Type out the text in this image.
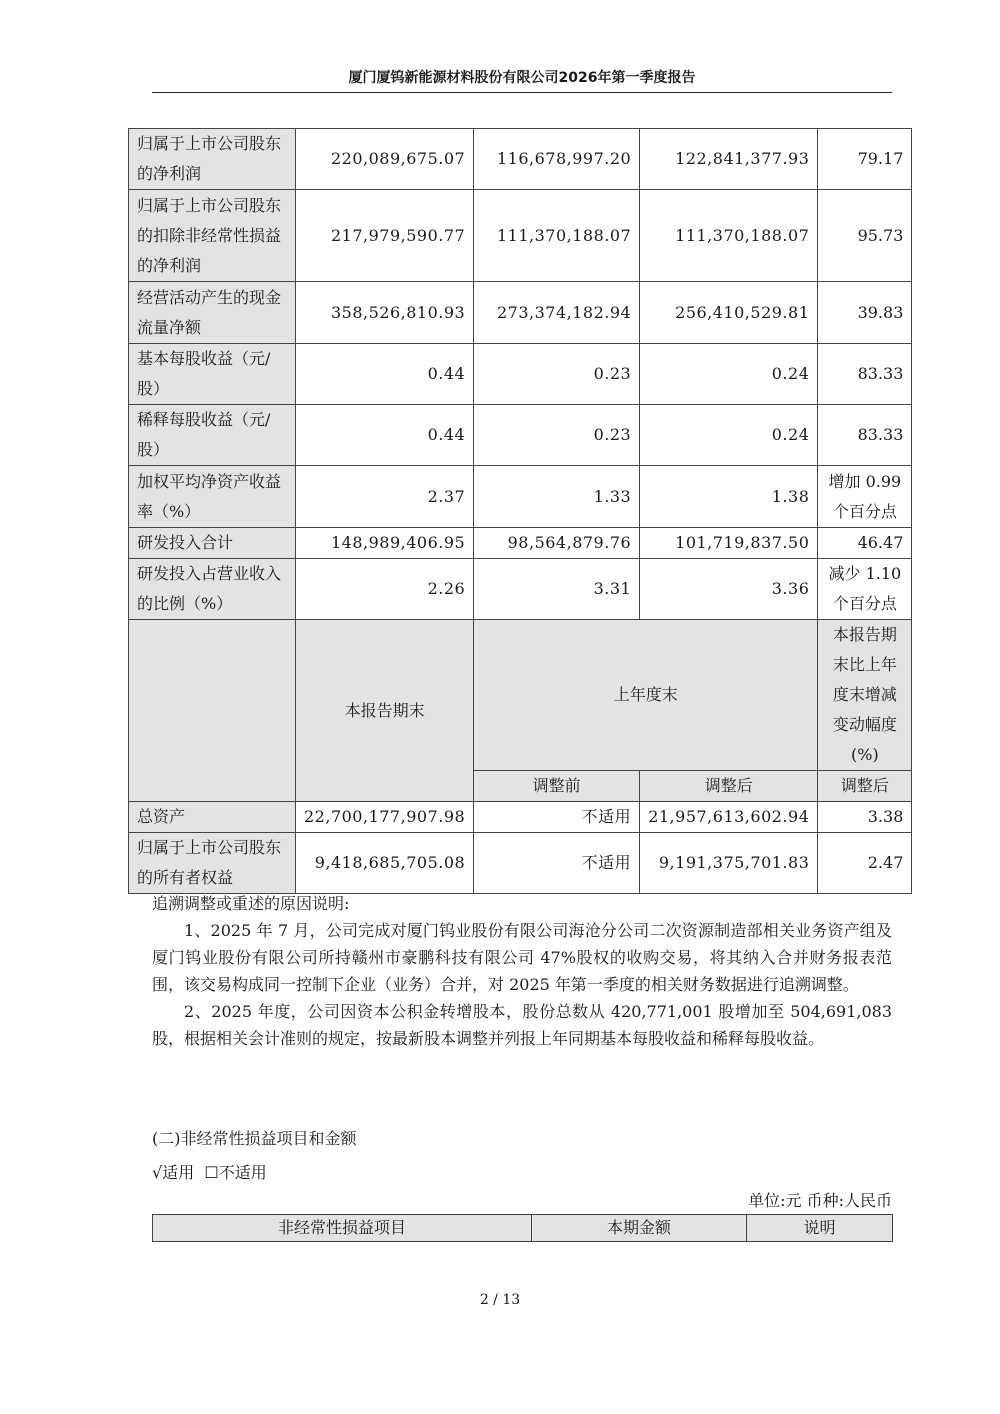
厦门厦钨新能源材料股份有限公司2026年第一季度报告
归属于上市公司股东的净利润	220,089,675.07	116,678,997.20	122,841,377.93	79.17
归属于上市公司股东的扣除非经常性损益的净利润	217,979,590.77	111,370,188.07	111,370,188.07	95.73
经营活动产生的现金流量净额	358,526,810.93	273,374,182.94	256,410,529.81	39.83
基本每股收益（元/股）	0.44	0.23	0.24	83.33
稀释每股收益（元/股）	0.44	0.23	0.24	83.33
加权平均净资产收益率（%）	2.37	1.33	1.38	增加 0.99 个百分点
研发投入合计	148,989,406.95	98,564,879.76	101,719,837.50	46.47
研发投入占营业收入的比例（%）	2.26	3.31	3.36	减少 1.10 个百分点
	本报告期末	上年度末		本报告期末比上年度末增减变动幅度(%)
		调整前	调整后	调整后
总资产	22,700,177,907.98	不适用	21,957,613,602.94	3.38
归属于上市公司股东的所有者权益	9,418,685,705.08	不适用	9,191,375,701.83	2.47

追溯调整或重述的原因说明:

1、2025 年 7 月，公司完成对厦门钨业股份有限公司海沧分公司二次资源制造部相关业务资产组及厦门钨业股份有限公司所持赣州市豪鹏科技有限公司 47%股权的收购交易，将其纳入合并财务报表范围，该交易构成同一控制下企业（业务）合并，对 2025 年第一季度的相关财务数据进行追溯调整。

2、2025 年度，公司因资本公积金转增股本，股份总数从 420,771,001 股增加至 504,691,083 股，根据相关会计准则的规定，按最新股本调整并列报上年同期基本每股收益和稀释每股收益。

(二)非经常性损益项目和金额
√适用 ☐不适用
单位:元 币种:人民币
非经常性损益项目	本期金额	说明
2 / 13
